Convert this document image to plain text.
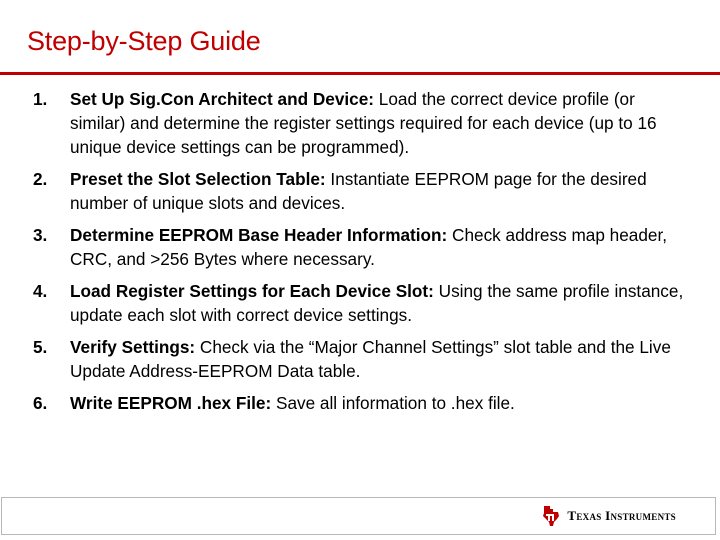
Step-by-Step Guide
1. Set Up Sig.Con Architect and Device: Load the correct device profile (or similar) and determine the register settings required for each device (up to 16 unique device settings can be programmed).
2. Preset the Slot Selection Table: Instantiate EEPROM page for the desired number of unique slots and devices.
3. Determine EEPROM Base Header Information: Check address map header, CRC, and >256 Bytes where necessary.
4. Load Register Settings for Each Device Slot: Using the same profile instance, update each slot with correct device settings.
5. Verify Settings: Check via the “Major Channel Settings” slot table and the Live Update Address-EEPROM Data table.
6. Write EEPROM .hex File: Save all information to .hex file.
Texas Instruments
